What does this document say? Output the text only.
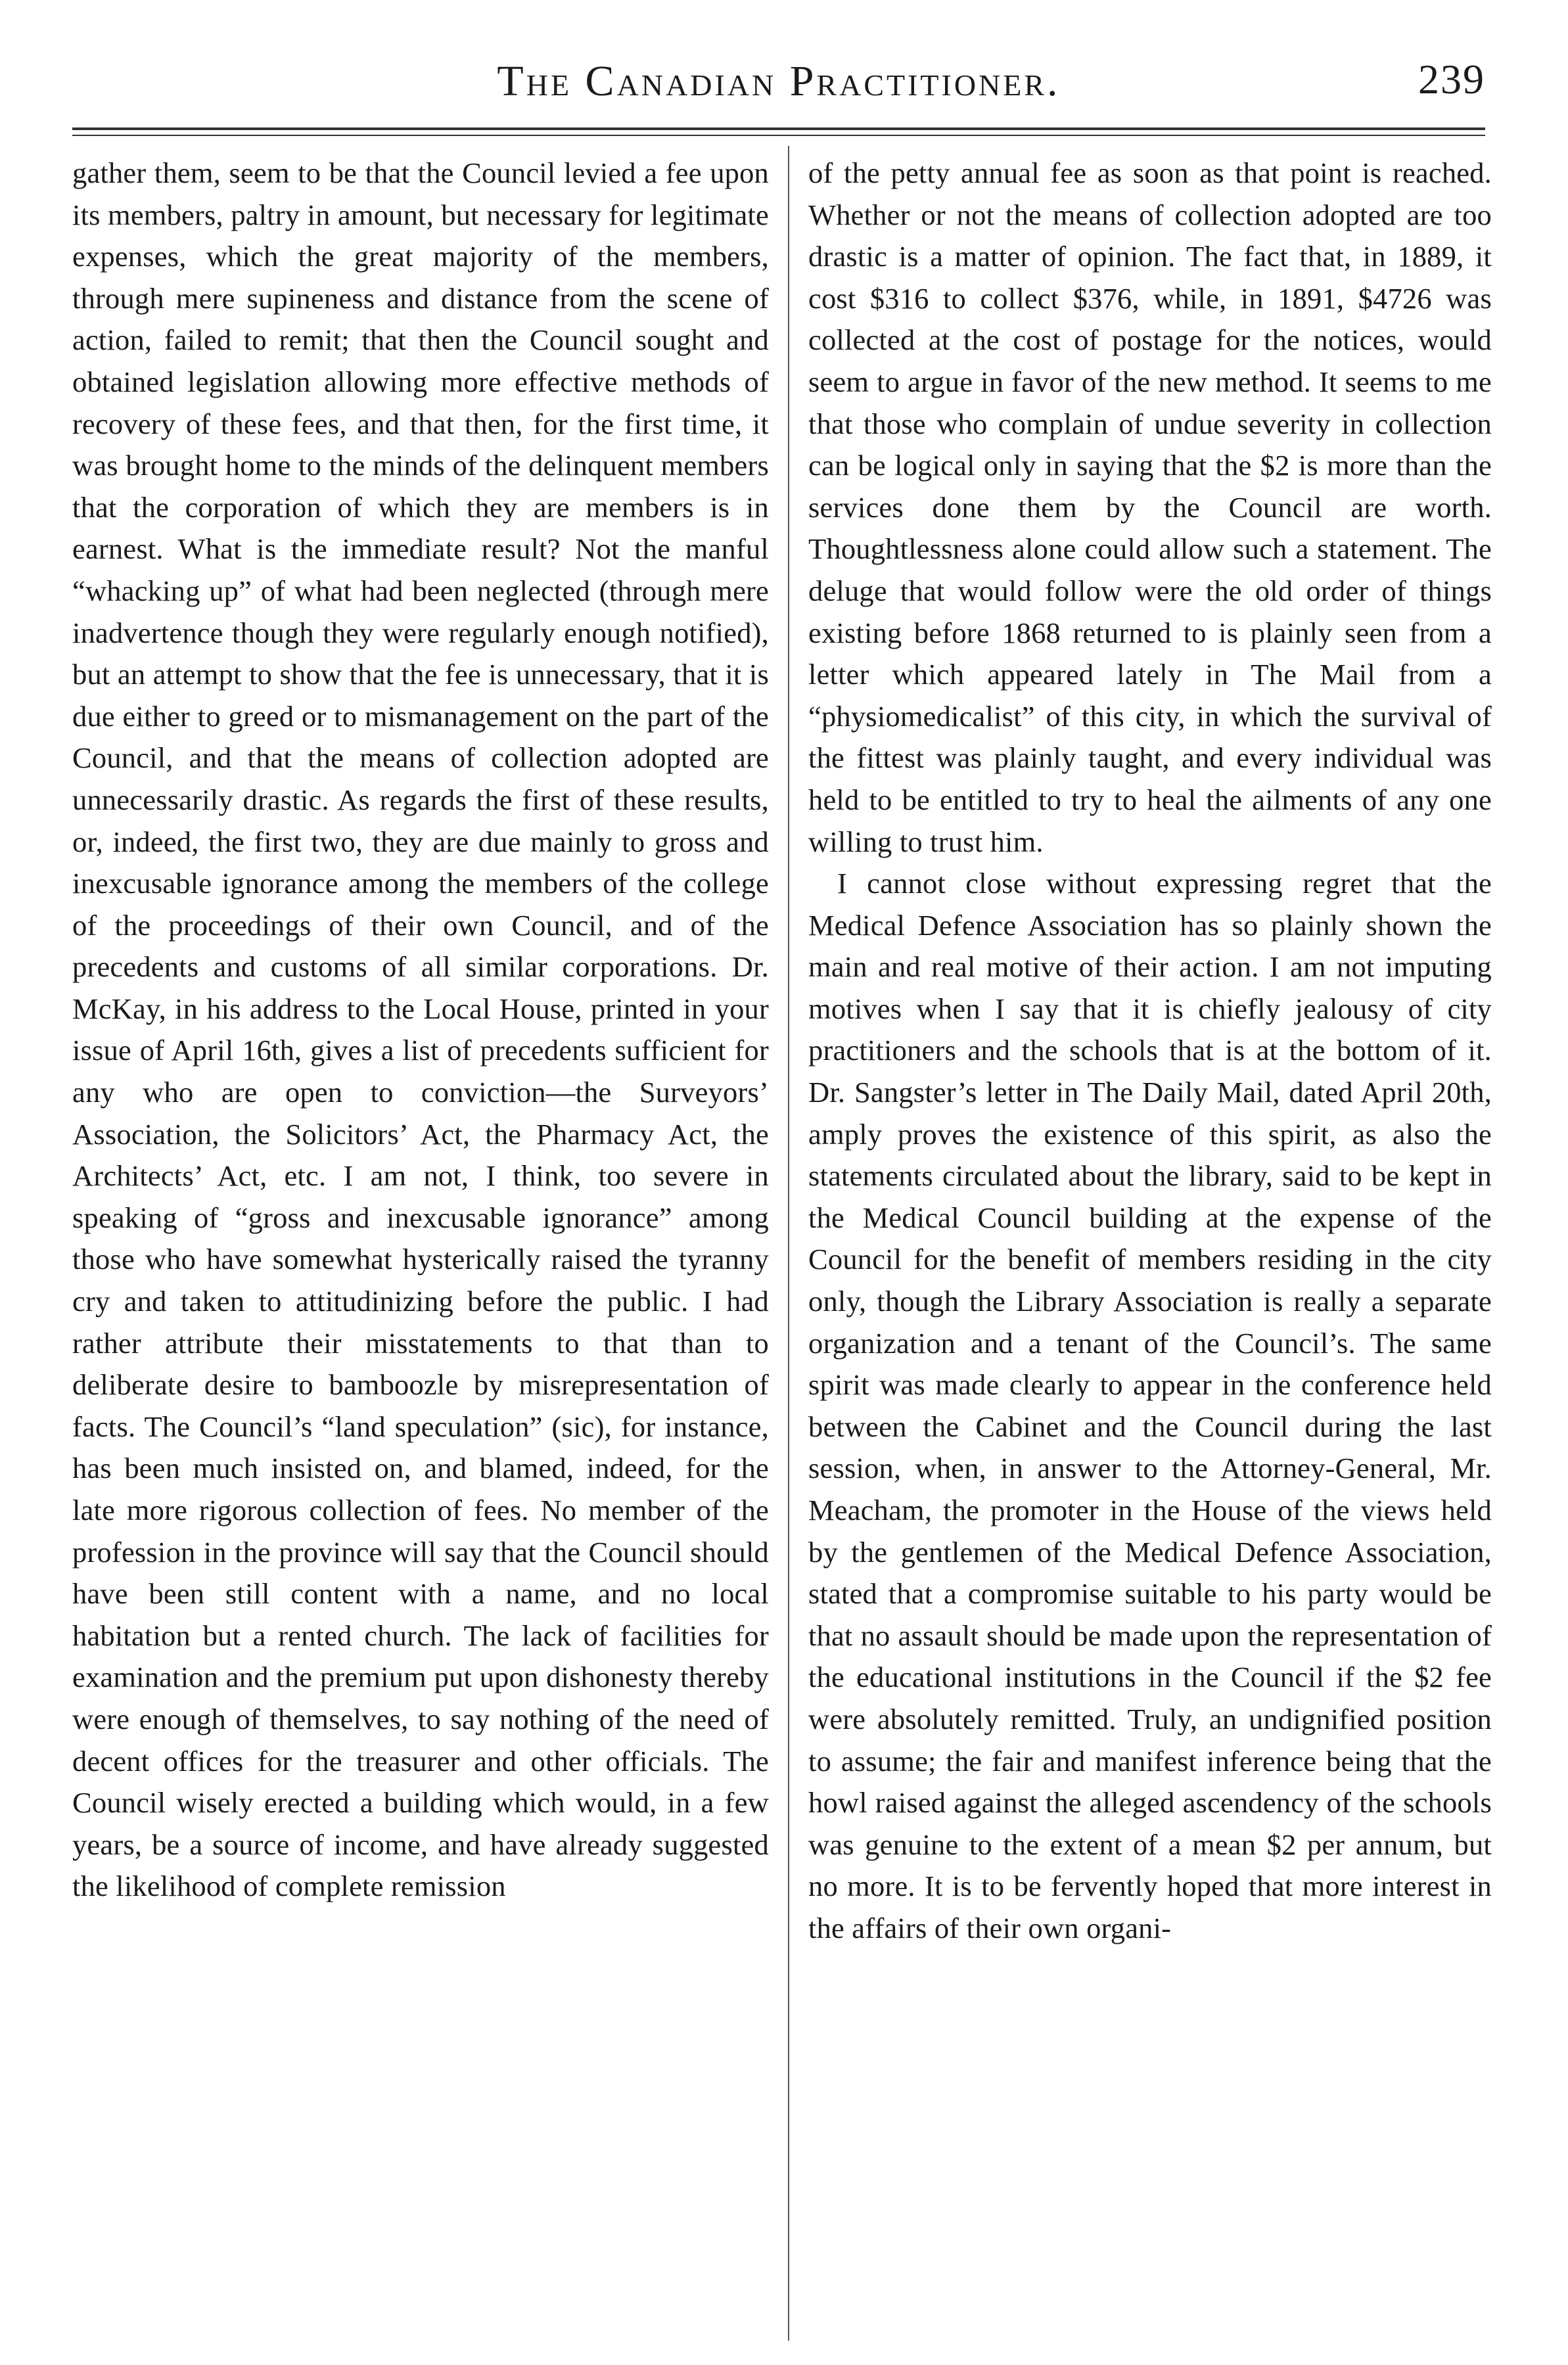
The Canadian Practitioner.	239

gather them, seem to be that the Council levied a fee upon its members, paltry in amount, but necessary for legitimate expenses, which the great majority of the members, through mere supineness and distance from the scene of action, failed to remit; that then the Council sought and obtained legislation allowing more effective methods of recovery of these fees, and that then, for the first time, it was brought home to the minds of the delinquent members that the corporation of which they are members is in earnest. What is the immediate result? Not the manful “whacking up” of what had been neglected (through mere inadvertence though they were regularly enough notified), but an attempt to show that the fee is unnecessary, that it is due either to greed or to mismanagement on the part of the Council, and that the means of collection adopted are unnecessarily drastic. As regards the first of these results, or, indeed, the first two, they are due mainly to gross and inexcusable ignorance among the members of the college of the proceedings of their own Council, and of the precedents and customs of all similar corporations. Dr. McKay, in his address to the Local House, printed in your issue of April 16th, gives a list of precedents sufficient for any who are open to conviction—the Surveyors’ Association, the Solicitors’ Act, the Pharmacy Act, the Architects’ Act, etc. I am not, I think, too severe in speaking of “gross and inexcusable ignorance” among those who have somewhat hysterically raised the tyranny cry and taken to attitudinizing before the public. I had rather attribute their misstatements to that than to deliberate desire to bamboozle by misrepresentation of facts. The Council’s “land speculation” (sic), for instance, has been much insisted on, and blamed, indeed, for the late more rigorous collection of fees. No member of the profession in the province will say that the Council should have been still content with a name, and no local habitation but a rented church. The lack of facilities for examination and the premium put upon dishonesty thereby were enough of themselves, to say nothing of the need of decent offices for the treasurer and other officials. The Council wisely erected a building which would, in a few years, be a source of income, and have already suggested the likelihood of complete remission

of the petty annual fee as soon as that point is reached. Whether or not the means of collection adopted are too drastic is a matter of opinion. The fact that, in 1889, it cost $316 to collect $376, while, in 1891, $4726 was collected at the cost of postage for the notices, would seem to argue in favor of the new method. It seems to me that those who complain of undue severity in collection can be logical only in saying that the $2 is more than the services done them by the Council are worth. Thoughtlessness alone could allow such a statement. The deluge that would follow were the old order of things existing before 1868 returned to is plainly seen from a letter which appeared lately in The Mail from a “physiomedicalist” of this city, in which the survival of the fittest was plainly taught, and every individual was held to be entitled to try to heal the ailments of any one willing to trust him.

I cannot close without expressing regret that the Medical Defence Association has so plainly shown the main and real motive of their action. I am not imputing motives when I say that it is chiefly jealousy of city practitioners and the schools that is at the bottom of it. Dr. Sangster’s letter in The Daily Mail, dated April 20th, amply proves the existence of this spirit, as also the statements circulated about the library, said to be kept in the Medical Council building at the expense of the Council for the benefit of members residing in the city only, though the Library Association is really a separate organization and a tenant of the Council’s. The same spirit was made clearly to appear in the conference held between the Cabinet and the Council during the last session, when, in answer to the Attorney-General, Mr. Meacham, the promoter in the House of the views held by the gentlemen of the Medical Defence Association, stated that a compromise suitable to his party would be that no assault should be made upon the representation of the educational institutions in the Council if the $2 fee were absolutely remitted. Truly, an undignified position to assume; the fair and manifest inference being that the howl raised against the alleged ascendency of the schools was genuine to the extent of a mean $2 per annum, but no more. It is to be fervently hoped that more interest in the affairs of their own organi-
